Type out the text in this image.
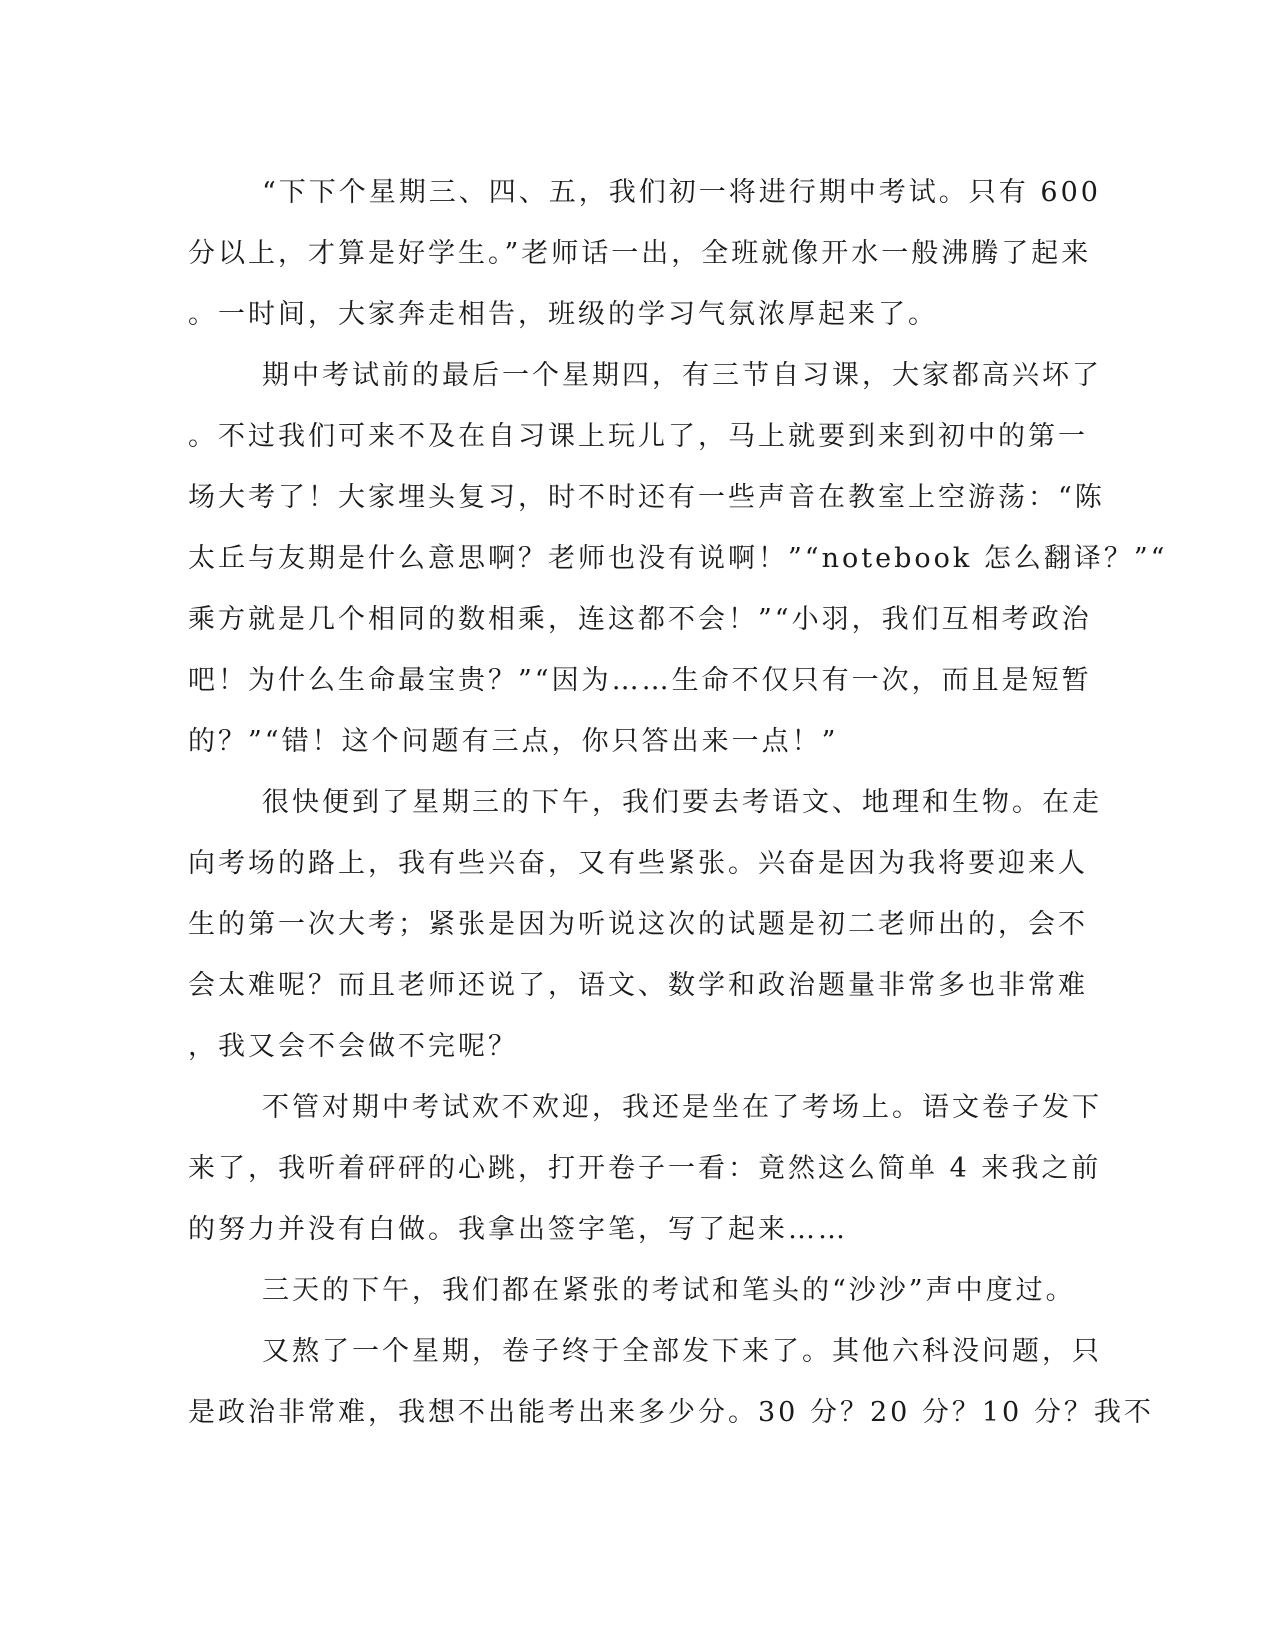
“下下个星期三、四、五，我们初一将进行期中考试。只有 600
分以上，才算是好学生。”老师话一出，全班就像开水一般沸腾了起来
。一时间，大家奔走相告，班级的学习气氛浓厚起来了。
期中考试前的最后一个星期四，有三节自习课，大家都高兴坏了
。不过我们可来不及在自习课上玩儿了，马上就要到来到初中的第一
场大考了！大家埋头复习，时不时还有一些声音在教室上空游荡：“陈
太丘与友期是什么意思啊？老师也没有说啊！”“notebook 怎么翻译？”“
乘方就是几个相同的数相乘，连这都不会！”“小羽，我们互相考政治
吧！为什么生命最宝贵？”“因为……生命不仅只有一次，而且是短暂
的？”“错！这个问题有三点，你只答出来一点！”
很快便到了星期三的下午，我们要去考语文、地理和生物。在走
向考场的路上，我有些兴奋，又有些紧张。兴奋是因为我将要迎来人
生的第一次大考；紧张是因为听说这次的试题是初二老师出的，会不
会太难呢？而且老师还说了，语文、数学和政治题量非常多也非常难
，我又会不会做不完呢？
不管对期中考试欢不欢迎，我还是坐在了考场上。语文卷子发下
来了，我听着砰砰的心跳，打开卷子一看：竟然这么简单 4 来我之前
的努力并没有白做。我拿出签字笔，写了起来……
三天的下午，我们都在紧张的考试和笔头的“沙沙”声中度过。
又熬了一个星期，卷子终于全部发下来了。其他六科没问题，只
是政治非常难，我想不出能考出来多少分。30 分？20 分？10 分？我不
